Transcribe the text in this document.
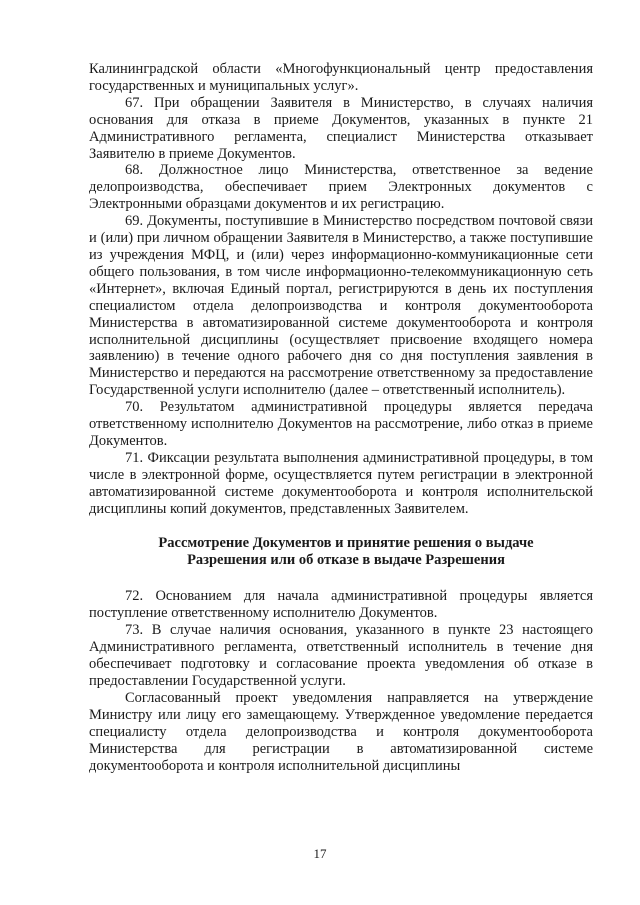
Калининградской области «Многофункциональный центр предоставления государственных и муниципальных услуг».

67. При обращении Заявителя в Министерство, в случаях наличия основания для отказа в приеме Документов, указанных в пункте 21 Административного регламента, специалист Министерства отказывает Заявителю в приеме Документов.

68. Должностное лицо Министерства, ответственное за ведение делопроизводства, обеспечивает прием Электронных документов с Электронными образцами документов и их регистрацию.

69. Документы, поступившие в Министерство посредством почтовой связи и (или) при личном обращении Заявителя в Министерство, а также поступившие из учреждения МФЦ, и (или) через информационно-коммуникационные сети общего пользования, в том числе информационно-телекоммуникационную сеть «Интернет», включая Единый портал, регистрируются в день их поступления специалистом отдела делопроизводства и контроля документооборота Министерства в автоматизированной системе документооборота и контроля исполнительной дисциплины (осуществляет присвоение входящего номера заявлению) в течение одного рабочего дня со дня поступления заявления в Министерство и передаются на рассмотрение ответственному за предоставление Государственной услуги исполнителю (далее – ответственный исполнитель).

70. Результатом административной процедуры является передача ответственному исполнителю Документов на рассмотрение, либо отказ в приеме Документов.

71. Фиксации результата выполнения административной процедуры, в том числе в электронной форме, осуществляется путем регистрации в электронной автоматизированной системе документооборота и контроля исполнительской дисциплины копий документов, представленных Заявителем.

Рассмотрение Документов и принятие решения о выдаче

Разрешения или об отказе в выдаче Разрешения

72. Основанием для начала административной процедуры является поступление ответственному исполнителю Документов.

73. В случае наличия основания, указанного в пункте 23 настоящего Административного регламента, ответственный исполнитель в течение дня обеспечивает подготовку и согласование проекта уведомления об отказе в предоставлении Государственной услуги.

Согласованный проект уведомления направляется на утверждение Министру или лицу его замещающему. Утвержденное уведомление передается специалисту отдела делопроизводства и контроля документооборота Министерства для регистрации в автоматизированной системе документооборота и контроля исполнительной дисциплины

17
